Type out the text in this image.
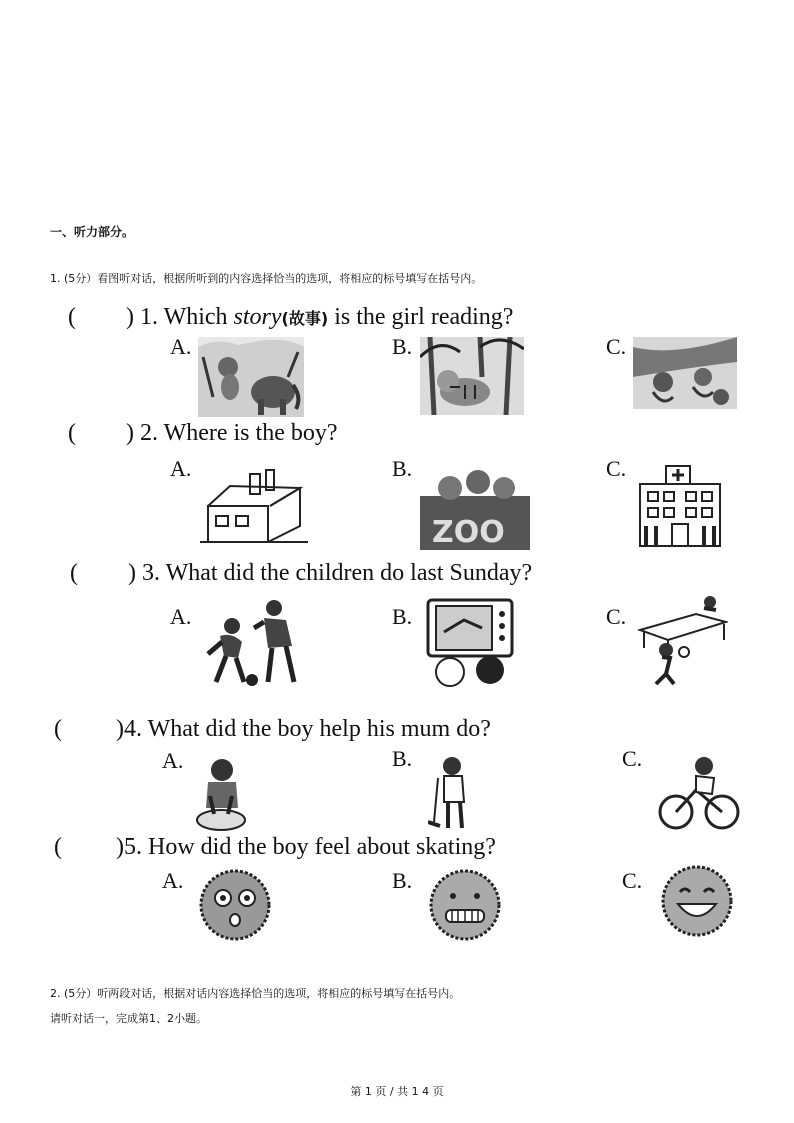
一、听力部分。
1. (5分）看图听对话，根据所听到的内容选择恰当的选项，将相应的标号填写在括号内。
( ) 1. Which story(故事) is the girl reading?
A.	B.	C.
( ) 2. Where is the boy?
A.	B.	C.
ZOO
( ) 3. What did the children do last Sunday?
A.	B.	C.
( )4. What did the boy help his mum do?
A.	B.	C.
( )5. How did the boy feel about skating?
A.	B.	C.
2. (5分）听两段对话，根据对话内容选择恰当的选项，将相应的标号填写在括号内。
请听对话一，完成第1、2小题。
第 1 页 / 共 1 4 页
